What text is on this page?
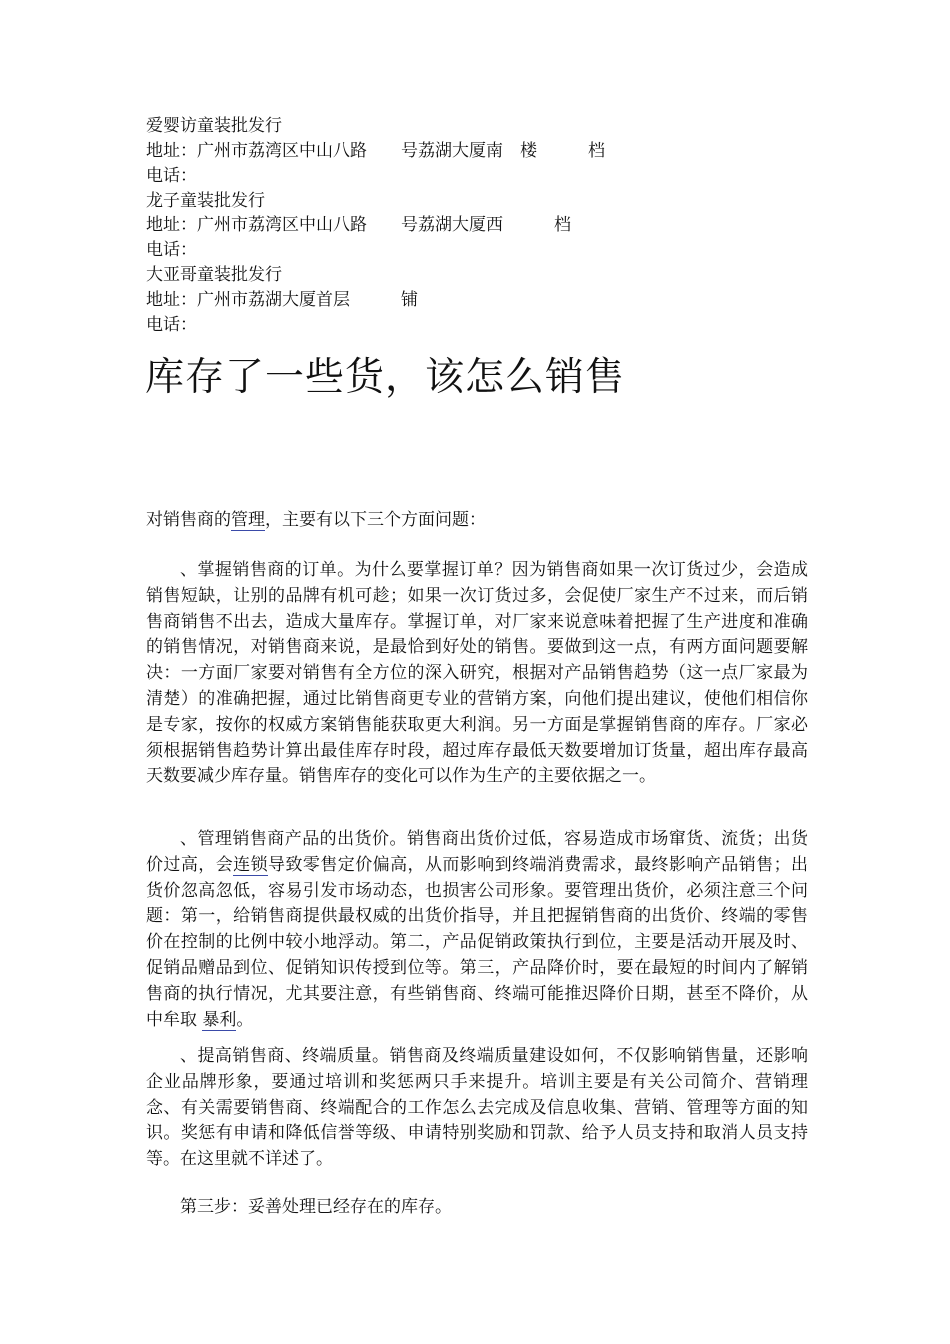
爱婴访童装批发行
地址：广州市荔湾区中山八路　　号荔湖大厦南　楼　　　档
电话：
龙子童装批发行
地址：广州市荔湾区中山八路　　号荔湖大厦西　　　档
电话：
大亚哥童装批发行
地址：广州市荔湖大厦首层　　　铺
电话：
库存了一些货，该怎么销售

对销售商的管理，主要有以下三个方面问题：

、掌握销售商的订单。为什么要掌握订单？因为销售商如果一次订货过少，会造成销售短缺，让别的品牌有机可趁；如果一次订货过多，会促使厂家生产不过来，而后销售商销售不出去，造成大量库存。掌握订单，对厂家来说意味着把握了生产进度和准确的销售情况，对销售商来说，是最恰到好处的销售。要做到这一点，有两方面问题要解决：一方面厂家要对销售有全方位的深入研究，根据对产品销售趋势（这一点厂家最为清楚）的准确把握，通过比销售商更专业的营销方案，向他们提出建议，使他们相信你是专家，按你的权威方案销售能获取更大利润。另一方面是掌握销售商的库存。厂家必须根据销售趋势计算出最佳库存时段，超过库存最低天数要增加订货量，超出库存最高天数要减少库存量。销售库存的变化可以作为生产的主要依据之一。

、管理销售商产品的出货价。销售商出货价过低，容易造成市场窜货、流货；出货价过高，会连锁导致零售定价偏高，从而影响到终端消费需求，最终影响产品销售；出货价忽高忽低，容易引发市场动态，也损害公司形象。要管理出货价，必须注意三个问题：第一，给销售商提供最权威的出货价指导，并且把握销售商的出货价、终端的零售价在控制的比例中较小地浮动。第二，产品促销政策执行到位，主要是活动开展及时、促销品赠品到位、促销知识传授到位等。第三，产品降价时，要在最短的时间内了解销售商的执行情况，尤其要注意，有些销售商、终端可能推迟降价日期，甚至不降价，从中牟取 暴利。

、提高销售商、终端质量。销售商及终端质量建设如何，不仅影响销售量，还影响企业品牌形象，要通过培训和奖惩两只手来提升。培训主要是有关公司简介、营销理念、有关需要销售商、终端配合的工作怎么去完成及信息收集、营销、管理等方面的知识。奖惩有申请和降低信誉等级、申请特别奖励和罚款、给予人员支持和取消人员支持等。在这里就不详述了。

第三步：妥善处理已经存在的库存。
